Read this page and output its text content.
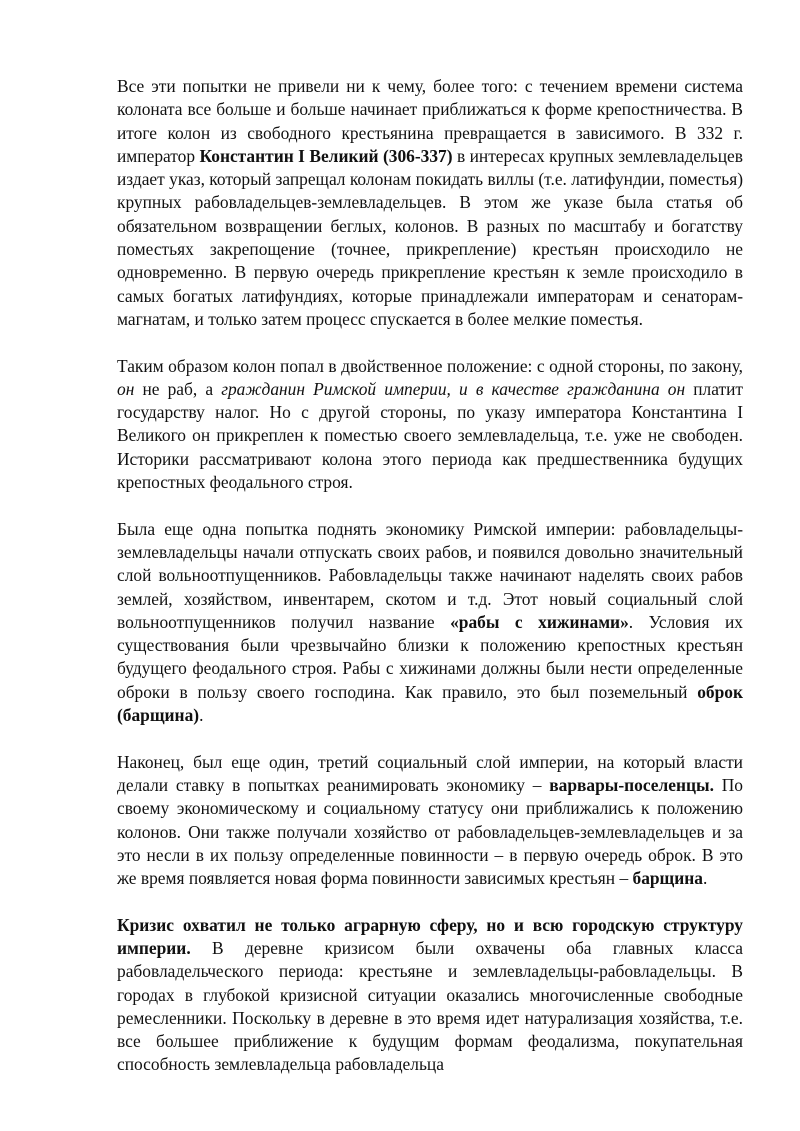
Все эти попытки не привели ни к чему, более того: с течением времени система колоната все больше и больше начинает приближаться к форме крепостничества. В итоге колон из свободного крестьянина превращается в зависимого. В 332 г. император Константин I Великий (306-337) в интересах крупных землевладельцев издает указ, который запрещал колонам покидать виллы (т.е. латифундии, поместья) крупных рабовладельцев-землевладельцев. В этом же указе была статья об обязательном возвращении беглых, колонов. В разных по масштабу и богатству поместьях закрепощение (точнее, прикрепление) крестьян происходило не одновременно. В первую очередь прикрепление крестьян к земле происходило в самых богатых латифундиях, которые принадлежали императорам и сенаторам-магнатам, и только затем процесс спускается в более мелкие поместья.

Таким образом колон попал в двойственное положение: с одной стороны, по закону, он не раб, а гражданин Римской империи, и в качестве гражданина он платит государству налог. Но с другой стороны, по указу императора Константина I Великого он прикреплен к поместью своего землевладельца, т.е. уже не свободен. Историки рассматривают колона этого периода как предшественника будущих крепостных феодального строя.

Была еще одна попытка поднять экономику Римской империи: рабовладельцы-землевладельцы начали отпускать своих рабов, и появился довольно значительный слой вольноотпущенников. Рабовладельцы также начинают наделять своих рабов землей, хозяйством, инвентарем, скотом и т.д. Этот новый социальный слой вольноотпущенников получил название «рабы с хижинами». Условия их существования были чрезвычайно близки к положению крепостных крестьян будущего феодального строя. Рабы с хижинами должны были нести определенные оброки в пользу своего господина. Как правило, это был поземельный оброк (барщина).

Наконец, был еще один, третий социальный слой империи, на который власти делали ставку в попытках реанимировать экономику – варвары-поселенцы. По своему экономическому и социальному статусу они приближались к положению колонов. Они также получали хозяйство от рабовладельцев-землевладельцев и за это несли в их пользу определенные повинности – в первую очередь оброк. В это же время появляется новая форма повинности зависимых крестьян – барщина.

Кризис охватил не только аграрную сферу, но и всю городскую структуру империи. В деревне кризисом были охвачены оба главных класса рабовладельческого периода: крестьяне и землевладельцы-рабовладельцы. В городах в глубокой кризисной ситуации оказались многочисленные свободные ремесленники. Поскольку в деревне в это время идет натурализация хозяйства, т.е. все большее приближение к будущим формам феодализма, покупательная способность землевладельца рабовладельца
